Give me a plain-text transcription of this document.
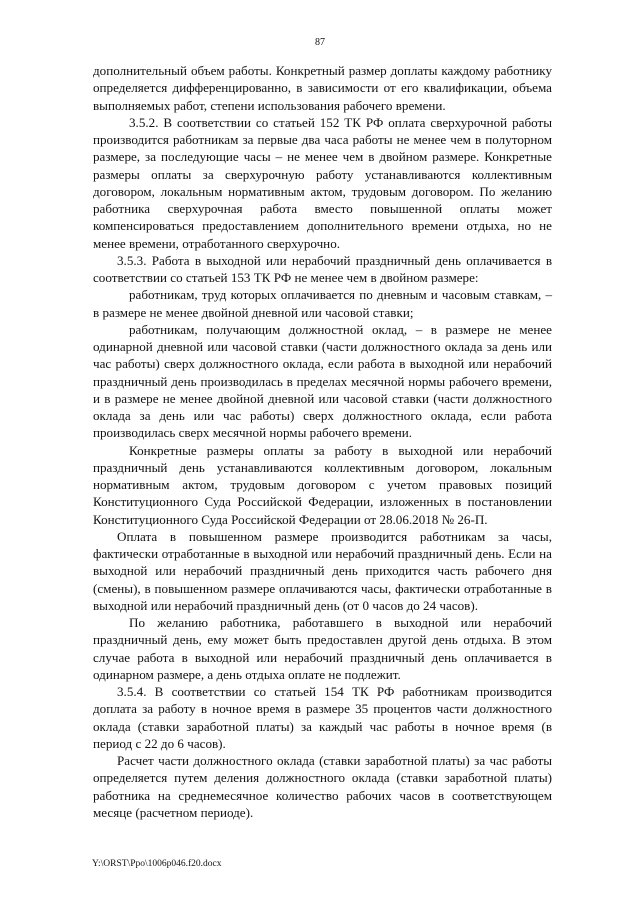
87

дополнительный объем работы. Конкретный размер доплаты каждому работнику определяется дифференцированно, в зависимости от его квалификации, объема выполняемых работ, степени использования рабочего времени.

3.5.2. В соответствии со статьей 152 ТК РФ оплата сверхурочной работы производится работникам за первые два часа работы не менее чем в полуторном размере, за последующие часы – не менее чем в двойном размере. Конкретные размеры оплаты за сверхурочную работу устанавливаются коллективным договором, локальным нормативным актом, трудовым договором. По желанию работника сверхурочная работа вместо повышенной оплаты может компенсироваться предоставлением дополнительного времени отдыха, но не менее времени, отработанного сверхурочно.

3.5.3. Работа в выходной или нерабочий праздничный день оплачивается в соответствии со статьей 153 ТК РФ не менее чем в двойном размере:

работникам, труд которых оплачивается по дневным и часовым ставкам, – в размере не менее двойной дневной или часовой ставки;

работникам, получающим должностной оклад, – в размере не менее одинарной дневной или часовой ставки (части должностного оклада за день или час работы) сверх должностного оклада, если работа в выходной или нерабочий праздничный день производилась в пределах месячной нормы рабочего времени, и в размере не менее двойной дневной или часовой ставки (части должностного оклада за день или час работы) сверх должностного оклада, если работа производилась сверх месячной нормы рабочего времени.

Конкретные размеры оплаты за работу в выходной или нерабочий праздничный день устанавливаются коллективным договором, локальным нормативным актом, трудовым договором с учетом правовых позиций Конституционного Суда Российской Федерации, изложенных в постановлении Конституционного Суда Российской Федерации от 28.06.2018 № 26-П.

Оплата в повышенном размере производится работникам за часы, фактически отработанные в выходной или нерабочий праздничный день. Если на выходной или нерабочий праздничный день приходится часть рабочего дня (смены), в повышенном размере оплачиваются часы, фактически отработанные в выходной или нерабочий праздничный день (от 0 часов до 24 часов).

По желанию работника, работавшего в выходной или нерабочий праздничный день, ему может быть предоставлен другой день отдыха. В этом случае работа в выходной или нерабочий праздничный день оплачивается в одинарном размере, а день отдыха оплате не подлежит.

3.5.4. В соответствии со статьей 154 ТК РФ работникам производится доплата за работу в ночное время в размере 35 процентов части должностного оклада (ставки заработной платы) за каждый час работы в ночное время (в период с 22 до 6 часов).

Расчет части должностного оклада (ставки заработной платы) за час работы определяется путем деления должностного оклада (ставки заработной платы) работника на среднемесячное количество рабочих часов в соответствующем месяце (расчетном периоде).

Y:\ORST\Ppo\1006p046.f20.docx
